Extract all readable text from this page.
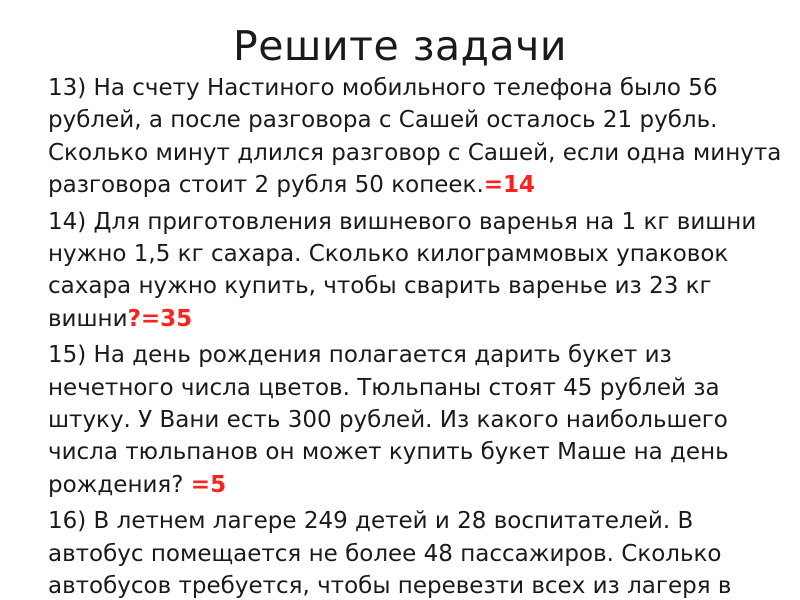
Решите задачи

13) На счету Настиного мобильного телефона было 56 рублей, а после разговора с Сашей осталось 21 рубль. Сколько минут длился разговор с Сашей, если одна минута разговора стоит 2 рубля 50 копеек.=14

14) Для приготовления вишневого варенья на 1 кг вишни нужно 1,5 кг сахара. Сколько килограммовых упаковок сахара нужно купить, чтобы сварить варенье из 23 кг вишни?=35

15) На день рождения полагается дарить букет из нечетного числа цветов. Тюльпаны стоят 45 рублей за штуку. У Вани есть 300 рублей. Из какого наибольшего числа тюльпанов он может купить букет Маше на день рождения? =5

16) В летнем лагере 249 детей и 28 воспитателей. В автобус помещается не более 48 пассажиров. Сколько автобусов требуется, чтобы перевезти всех из лагеря в
